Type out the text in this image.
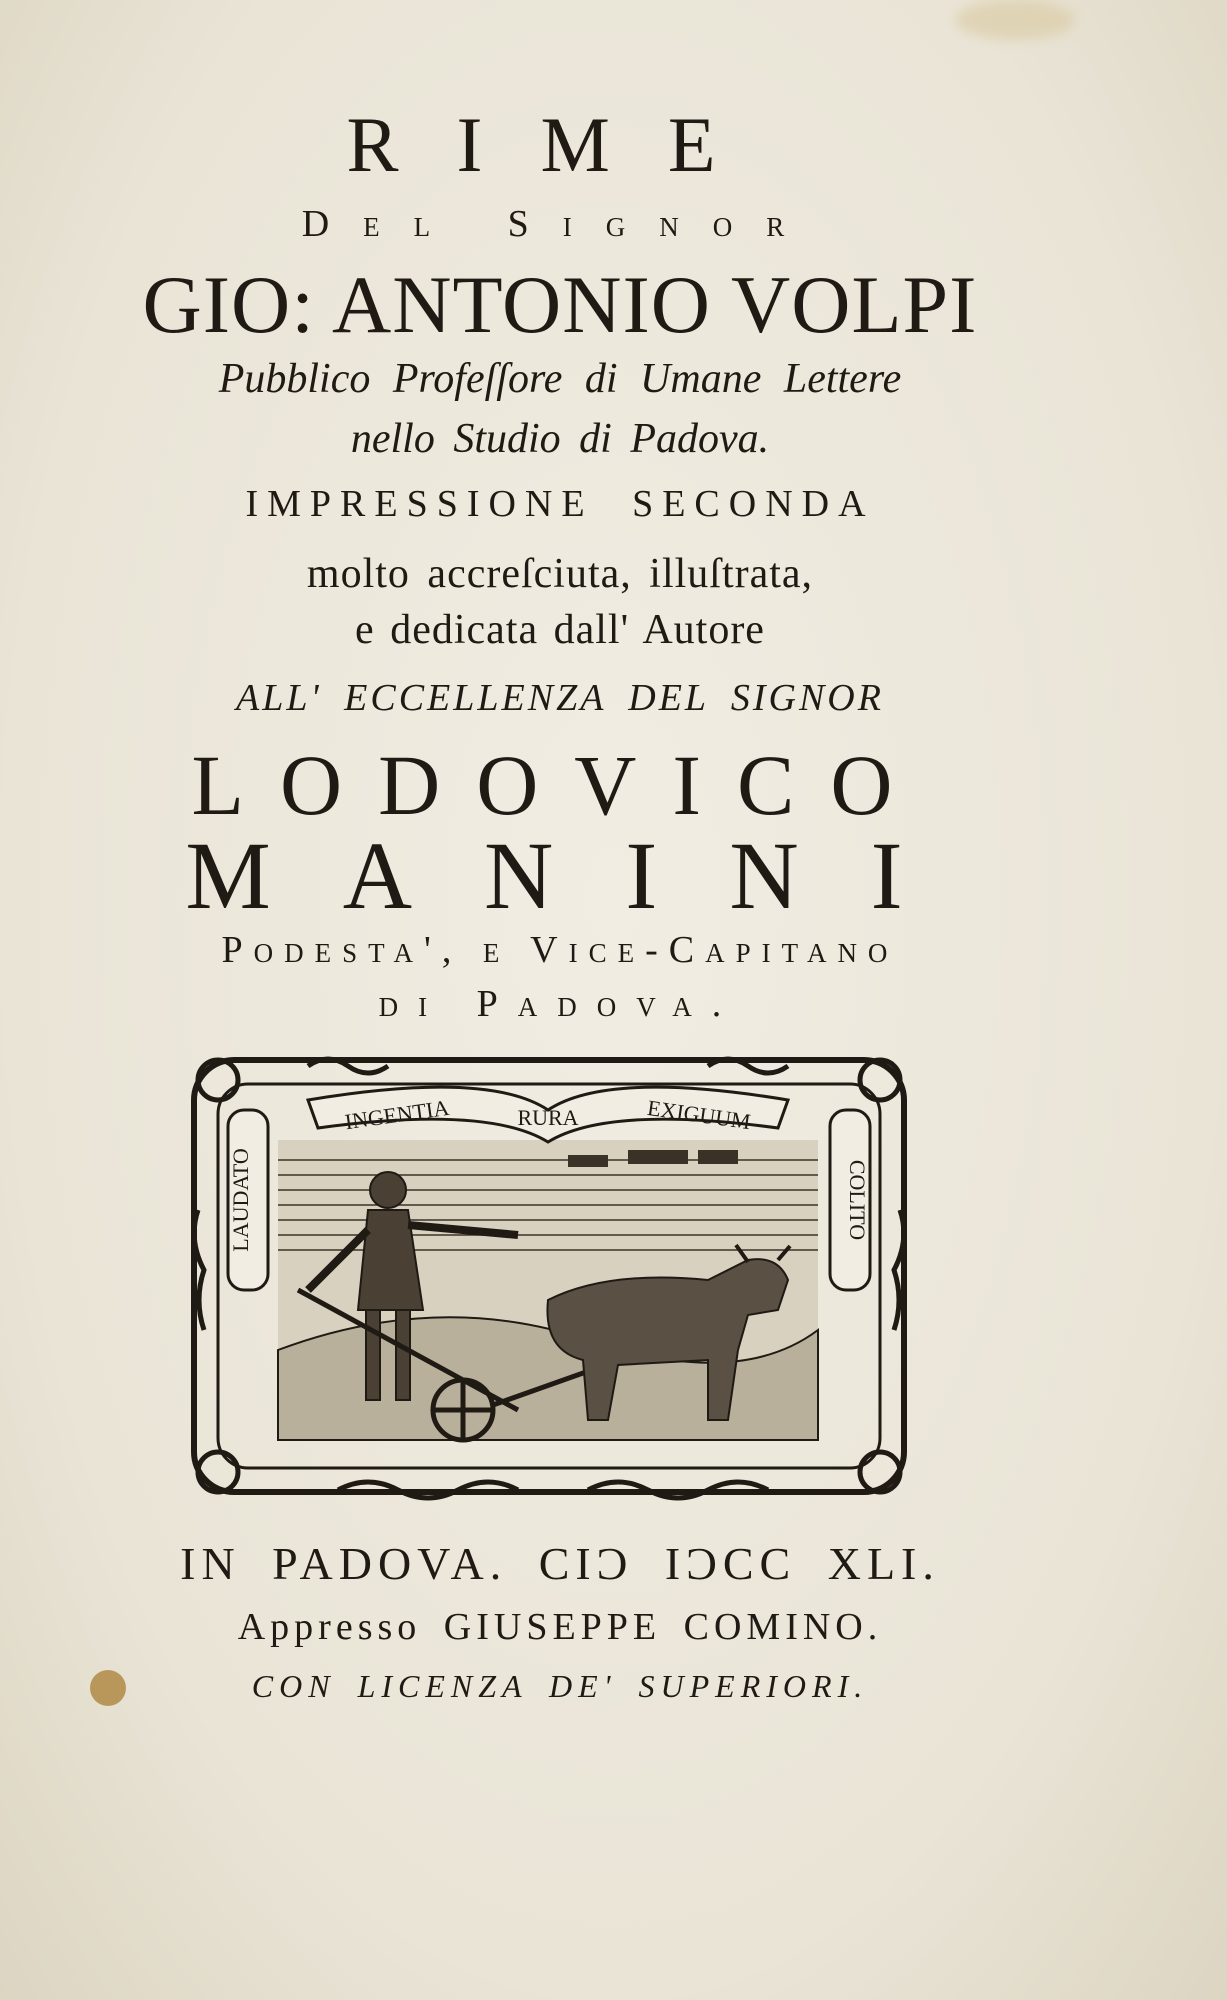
RIME
Del Signor
GIO: ANTONIO VOLPI
Pubblico Profeſſore di Umane Lettere
nello Studio di Padova.
IMPRESSIONE SECONDA
molto accreſciuta, illuſtrata,
e dedicata dall' Autore
ALL' ECCELLENZA DEL SIGNOR
LODOVICO
MANINI
Podesta', e Vice-Capitano
di Padova.
LAUDATO	COLITO
INGENTIA	RURA	EXIGUUM
IN PADOVA. CIϽ IϽCC XLI.
Appresso GIUSEPPE COMINO.
CON LICENZA DE' SUPERIORI.
